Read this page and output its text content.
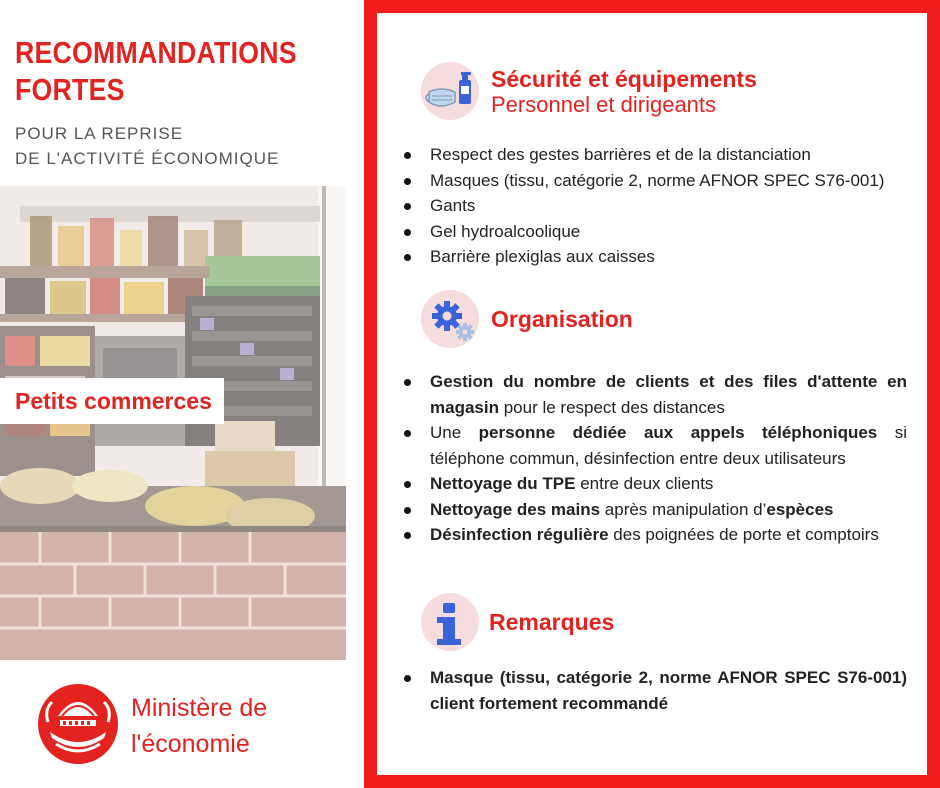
RECOMMANDATIONS
FORTES
POUR LA REPRISE
DE L'ACTIVITÉ ÉCONOMIQUE
Petits commerces
Ministère de
l'économie
Sécurité et équipements
Personnel et dirigeants
Respect des gestes barrières et de la distanciation
Masques (tissu, catégorie 2, norme AFNOR SPEC S76-001)
Gants
Gel hydroalcoolique
Barrière plexiglas aux caisses
Organisation
Gestion du nombre de clients et des files d'attente en magasin pour le respect des distances
Une personne dédiée aux appels téléphoniques si téléphone commun, désinfection entre deux utilisateurs
Nettoyage du TPE entre deux clients
Nettoyage des mains après manipulation d’espèces
Désinfection régulière des poignées de porte et comptoirs
Remarques
Masque (tissu, catégorie 2, norme AFNOR SPEC S76-001) client fortement recommandé
